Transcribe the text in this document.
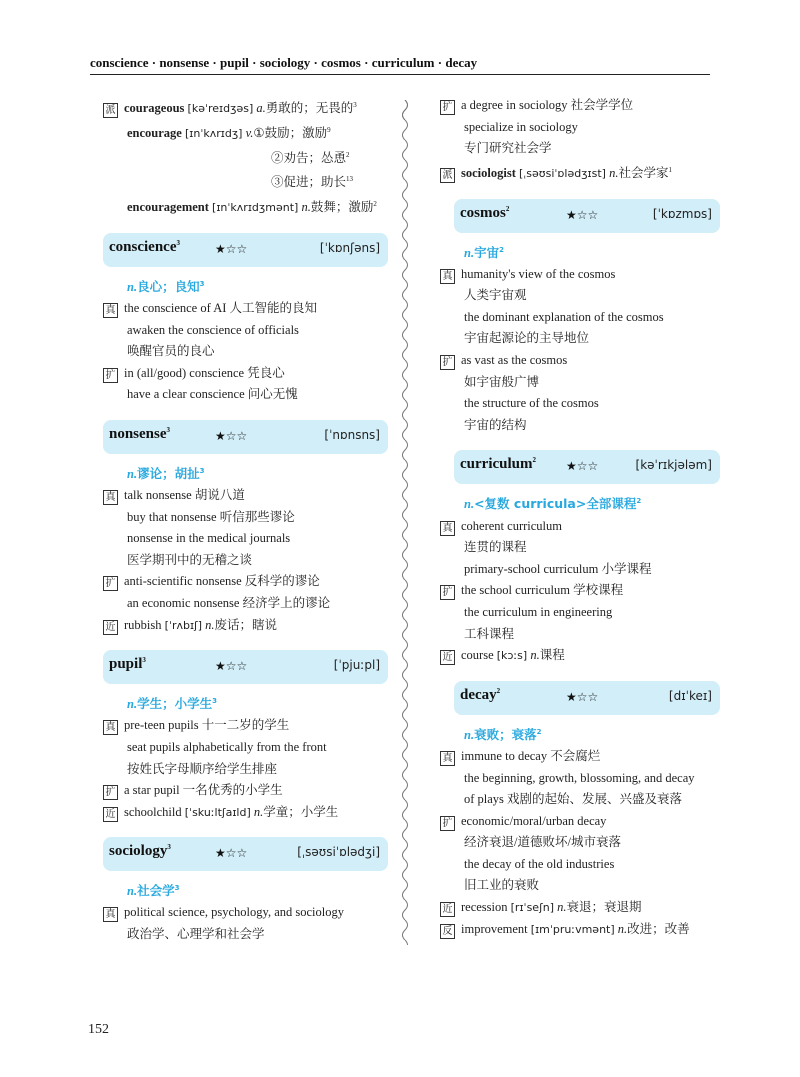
conscience · nonsense · pupil · sociology · cosmos · curriculum · decay
派 courageous [kəˈreɪdʒəs] a.勇敢的；无畏的$^3$
encourage [ɪnˈkʌrɪdʒ] v.①鼓励；激励$^9$
②劝告；怂恿$^2$
③促进；助长$^{13}$
encouragement [ɪnˈkʌrɪdʒmənt] n.鼓舞；激励$^2$
conscience$^3$	★☆☆	[ˈkɒnʃəns]
n.良心；良知$^3$
真 the conscience of AI 人工智能的良知
awaken the conscience of officials
唤醒官员的良心
扩 in (all/good) conscience 凭良心
have a clear conscience 问心无愧
nonsense$^3$	★☆☆	[ˈnɒnsns]
n.谬论；胡扯$^3$
真 talk nonsense 胡说八道
buy that nonsense 听信那些谬论
nonsense in the medical journals
医学期刊中的无稽之谈
扩 anti-scientific nonsense 反科学的谬论
an economic nonsense 经济学上的谬论
近 rubbish [ˈrʌbɪʃ] n.废话；瞎说
pupil$^3$	★☆☆	[ˈpjuːpl]
n.学生；小学生$^3$
真 pre-teen pupils 十一二岁的学生
seat pupils alphabetically from the front
按姓氏字母顺序给学生排座
扩 a star pupil 一名优秀的小学生
近 schoolchild [ˈskuːltʃaɪld] n.学童；小学生
sociology$^3$	★☆☆	[ˌsəʊsiˈɒlədʒi]
n.社会学$^3$
真 political science, psychology, and sociology
政治学、心理学和社会学
扩 a degree in sociology 社会学学位
specialize in sociology
专门研究社会学
派 sociologist [ˌsəʊsiˈɒlədʒɪst] n.社会学家$^1$
cosmos$^2$	★☆☆	[ˈkɒzmɒs]
n.宇宙$^2$
真 humanity's view of the cosmos
人类宇宙观
the dominant explanation of the cosmos
宇宙起源论的主导地位
扩 as vast as the cosmos
如宇宙般广博
the structure of the cosmos
宇宙的结构
curriculum$^2$	★☆☆	[kəˈrɪkjələm]
n.<复数 curricula>全部课程$^2$
真 coherent curriculum
连贯的课程
primary-school curriculum 小学课程
扩 the school curriculum 学校课程
the curriculum in engineering
工科课程
近 course [kɔːs] n.课程
decay$^2$	★☆☆	[dɪˈkeɪ]
n.衰败；衰落$^2$
真 immune to decay 不会腐烂
the beginning, growth, blossoming, and decay
of plays 戏剧的起始、发展、兴盛及衰落
扩 economic/moral/urban decay
经济衰退/道德败坏/城市衰落
the decay of the old industries
旧工业的衰败
近 recession [rɪˈseʃn] n.衰退；衰退期
反 improvement [ɪmˈpruːvmənt] n.改进；改善
152
